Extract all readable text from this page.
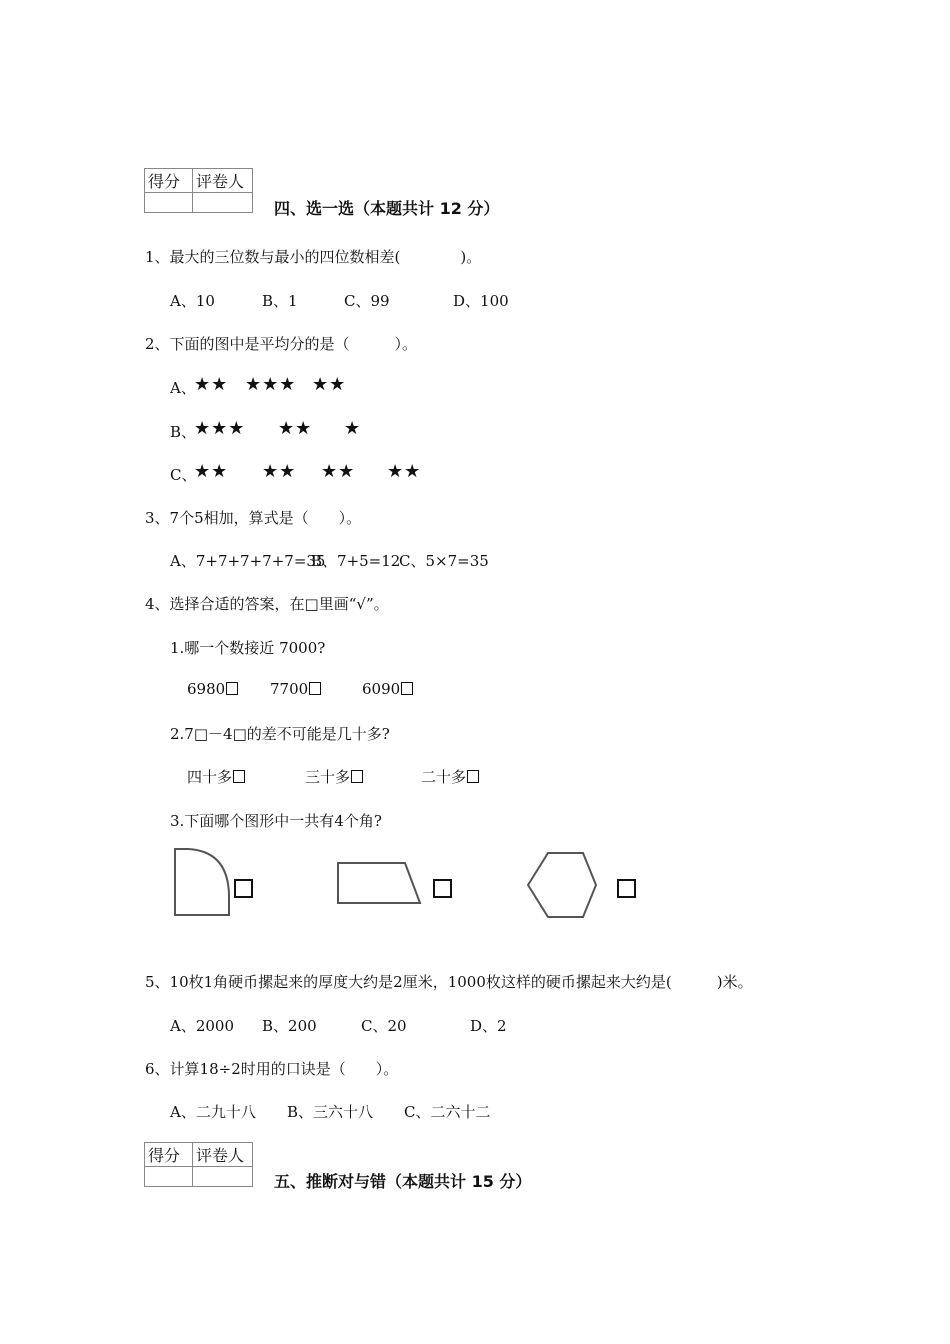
得分	评卷人

四、选一选（本题共计 12 分）
1、最大的三位数与最小的四位数相差(　　　　)。
A、10	B、1	C、99	D、100
2、下面的图中是平均分的是（　　　）。
A、
★★ ★★★ ★★
B、
★★★ ★★ ★
C、
★★ ★★ ★★ ★★
3、7个5相加，算式是（　　）。
A、7+7+7+7+7=35
B、7+5=12
C、5×7=35
4、选择合适的答案，在□里画“√”。
1.哪一个数接近 7000?
6980	7700	6090
2.7□－4□的差不可能是几十多?
四十多	三十多	二十多
3.下面哪个图形中一共有4个角?
5、10枚1角硬币摞起来的厚度大约是2厘米，1000枚这样的硬币摞起来大约是(　　　)米。
A、2000 B、200	C、20	D、2
6、计算18÷2时用的口诀是（　　）。
A、二九十八 B、三六十八 C、二六十二
得分	评卷人

五、推断对与错（本题共计 15 分）
